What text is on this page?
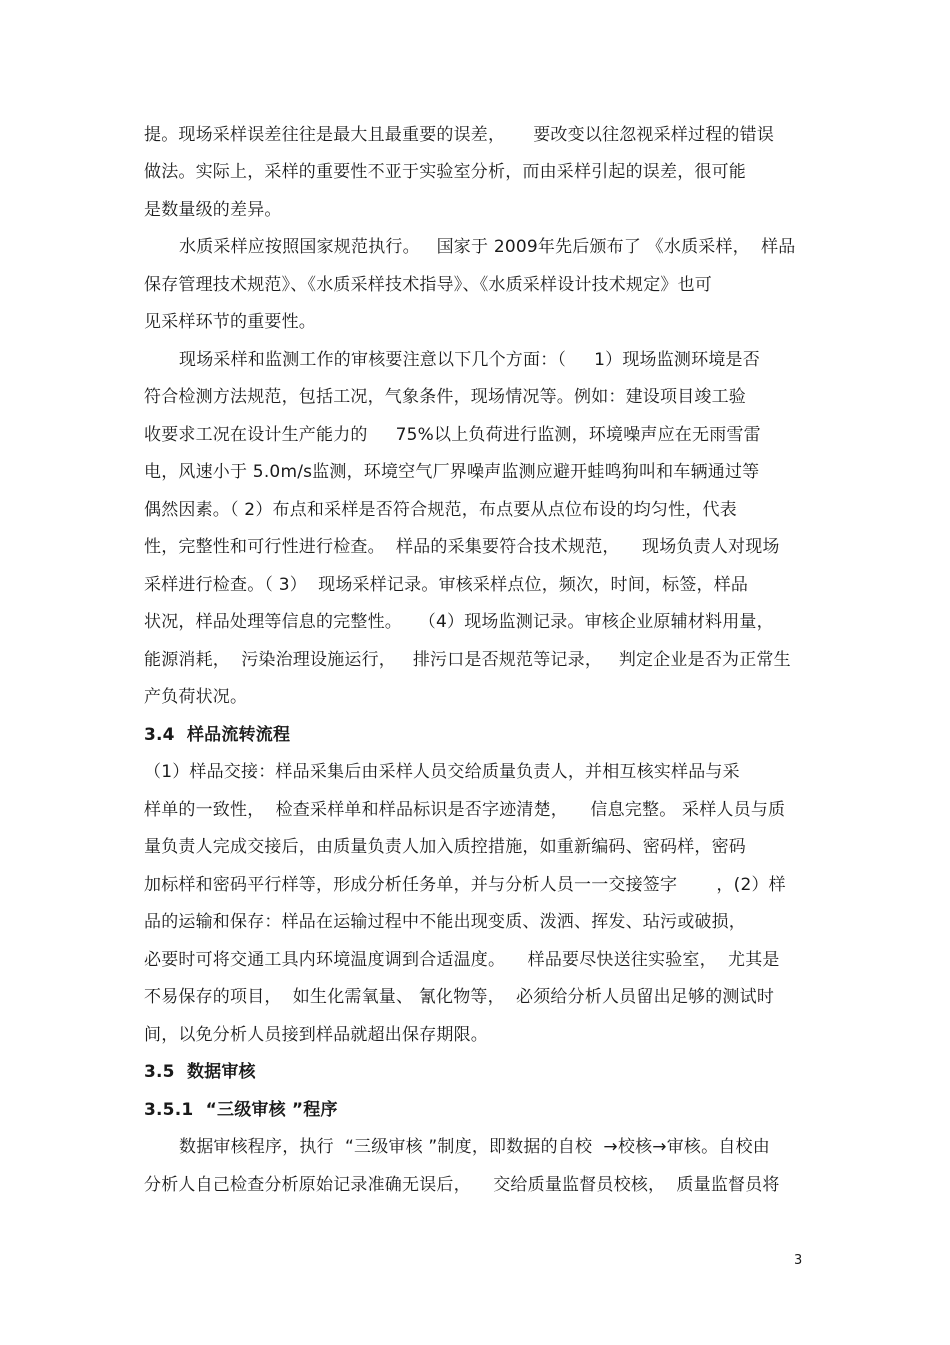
提。现场采样误差往往是最大且最重要的误差，     要改变以往忽视采样过程的错误
做法。实际上，采样的重要性不亚于实验室分析，而由采样引起的误差，很可能
是数量级的差异。
水质采样应按照国家规范执行。   国家于 2009年先后颁布了 《水质采样，  样品
保存管理技术规范》、《水质采样技术指导》、《水质采样设计技术规定》也可
见采样环节的重要性。
现场采样和监测工作的审核要注意以下几个方面：（     1）现场监测环境是否
符合检测方法规范，包括工况，气象条件，现场情况等。例如：建设项目竣工验
收要求工况在设计生产能力的     75%以上负荷进行监测，环境噪声应在无雨雪雷
电，风速小于 5.0m/s监测，环境空气厂界噪声监测应避开蛙鸣狗叫和车辆通过等
偶然因素。（ 2）布点和采样是否符合规范，布点要从点位布设的均匀性，代表
性，完整性和可行性进行检查。  样品的采集要符合技术规范，    现场负责人对现场
采样进行检查。（ 3）  现场采样记录。审核采样点位，频次，时间，标签，样品
状况，样品处理等信息的完整性。   （4）现场监测记录。审核企业原辅材料用量，
能源消耗，  污染治理设施运行，   排污口是否规范等记录，   判定企业是否为正常生
产负荷状况。
3.4  样品流转流程
（1）样品交接：样品采集后由采样人员交给质量负责人，并相互核实样品与采
样单的一致性，  检查采样单和样品标识是否字迹清楚，    信息完整。 采样人员与质
量负责人完成交接后，由质量负责人加入质控措施，如重新编码、密码样，密码
加标样和密码平行样等，形成分析任务单，并与分析人员一一交接签字       ，(2）样
品的运输和保存：样品在运输过程中不能出现变质、泼洒、挥发、玷污或破损，
必要时可将交通工具内环境温度调到合适温度。    样品要尽快送往实验室，  尤其是
不易保存的项目，  如生化需氧量、 氰化物等，  必须给分析人员留出足够的测试时
间，以免分析人员接到样品就超出保存期限。
3.5  数据审核
3.5.1  “三级审核 ”程序
数据审核程序，执行  “三级审核 ”制度，即数据的自校  →校核→审核。自校由
分析人自己检查分析原始记录准确无误后，    交给质量监督员校核，  质量监督员将
3
